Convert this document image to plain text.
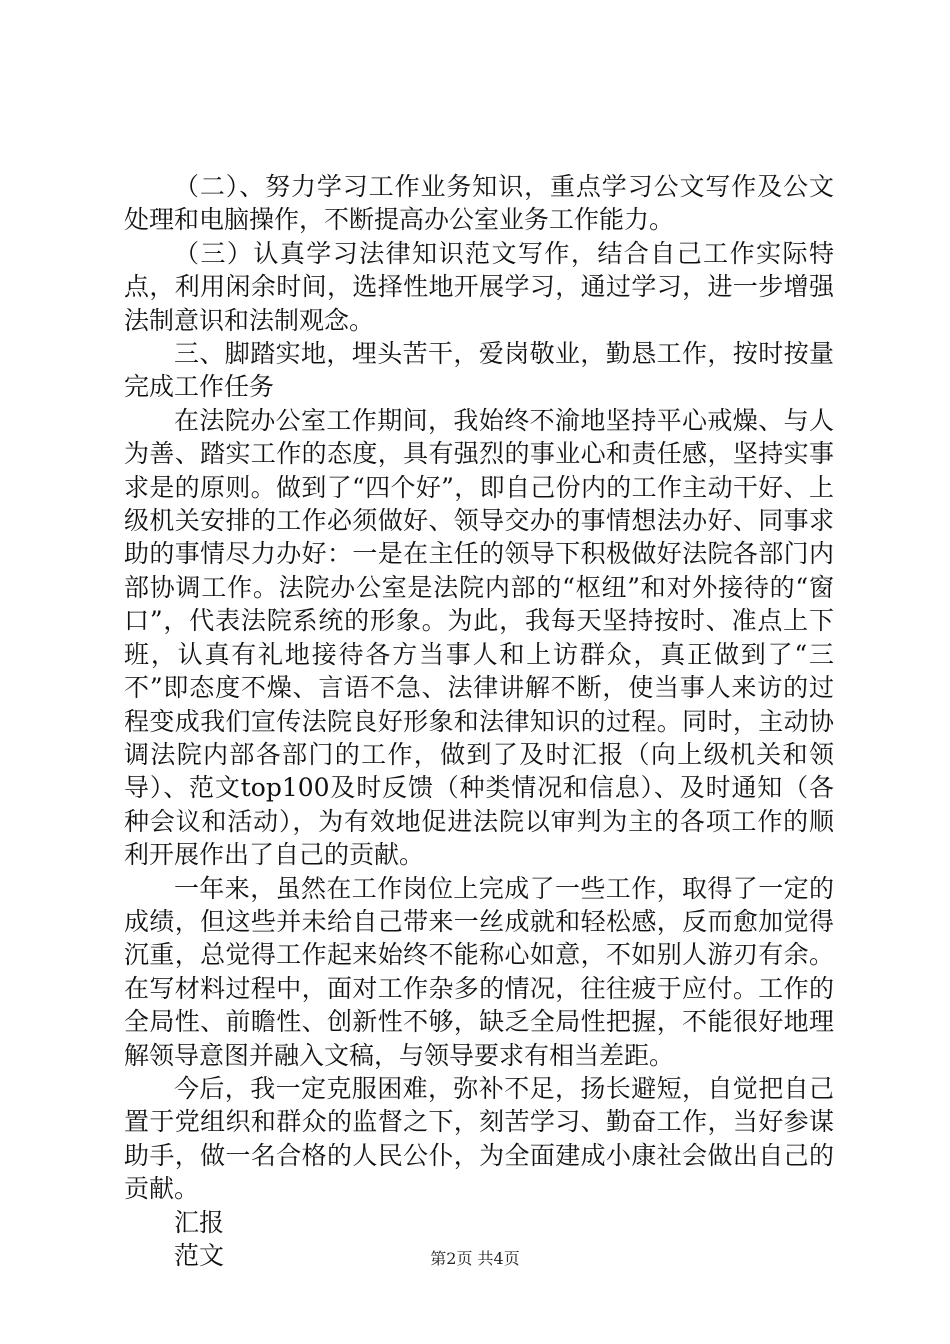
（二）、努力学习工作业务知识，重点学习公文写作及公文处理和电脑操作，不断提高办公室业务工作能力。

（三）认真学习法律知识范文写作，结合自己工作实际特点，利用闲余时间，选择性地开展学习，通过学习，进一步增强法制意识和法制观念。

三、脚踏实地，埋头苦干，爱岗敬业，勤恳工作，按时按量完成工作任务

在法院办公室工作期间，我始终不渝地坚持平心戒燥、与人为善、踏实工作的态度，具有强烈的事业心和责任感，坚持实事求是的原则。做到了“四个好”，即自己份内的工作主动干好、上级机关安排的工作必须做好、领导交办的事情想法办好、同事求助的事情尽力办好：一是在主任的领导下积极做好法院各部门内部协调工作。法院办公室是法院内部的“枢纽”和对外接待的“窗口”，代表法院系统的形象。为此，我每天坚持按时、准点上下班，认真有礼地接待各方当事人和上访群众，真正做到了“三不”即态度不燥、言语不急、法律讲解不断，使当事人来访的过程变成我们宣传法院良好形象和法律知识的过程。同时，主动协调法院内部各部门的工作，做到了及时汇报（向上级机关和领导）、范文top100及时反馈（种类情况和信息）、及时通知（各种会议和活动），为有效地促进法院以审判为主的各项工作的顺利开展作出了自己的贡献。

一年来，虽然在工作岗位上完成了一些工作，取得了一定的成绩，但这些并未给自己带来一丝成就和轻松感，反而愈加觉得沉重，总觉得工作起来始终不能称心如意，不如别人游刃有余。在写材料过程中，面对工作杂多的情况，往往疲于应付。工作的全局性、前瞻性、创新性不够，缺乏全局性把握，不能很好地理解领导意图并融入文稿，与领导要求有相当差距。

今后，我一定克服困难，弥补不足，扬长避短，自觉把自己置于党组织和群众的监督之下，刻苦学习、勤奋工作，当好参谋助手，做一名合格的人民公仆，为全面建成小康社会做出自己的贡献。

汇报

范文	第2页 共4页
